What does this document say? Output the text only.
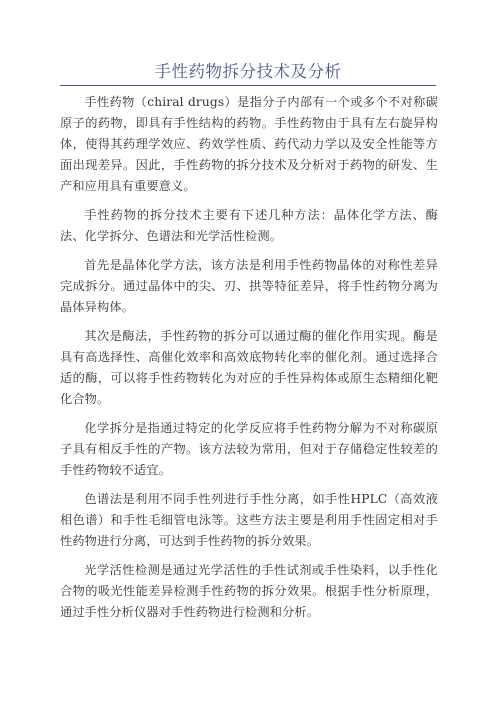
手性药物拆分技术及分析

手性药物（chiral drugs）是指分子内部有一个或多个不对称碳原子的药物，即具有手性结构的药物。手性药物由于具有左右旋异构体，使得其药理学效应、药效学性质、药代动力学以及安全性能等方面出现差异。因此，手性药物的拆分技术及分析对于药物的研发、生产和应用具有重要意义。

手性药物的拆分技术主要有下述几种方法：晶体化学方法、酶法、化学拆分、色谱法和光学活性检测。

首先是晶体化学方法，该方法是利用手性药物晶体的对称性差异完成拆分。通过晶体中的尖、刃、拱等特征差异，将手性药物分离为晶体异构体。

其次是酶法，手性药物的拆分可以通过酶的催化作用实现。酶是具有高选择性、高催化效率和高效底物转化率的催化剂。通过选择合适的酶，可以将手性药物转化为对应的手性异构体或原生态精细化靶化合物。

化学拆分是指通过特定的化学反应将手性药物分解为不对称碳原子具有相反手性的产物。该方法较为常用，但对于存储稳定性较差的手性药物较不适宜。

色谱法是利用不同手性列进行手性分离，如手性HPLC（高效液相色谱）和手性毛细管电泳等。这些方法主要是利用手性固定相对手性药物进行分离，可达到手性药物的拆分效果。

光学活性检测是通过光学活性的手性试剂或手性染料，以手性化合物的吸光性能差异检测手性药物的拆分效果。根据手性分析原理，通过手性分析仪器对手性药物进行检测和分析。
